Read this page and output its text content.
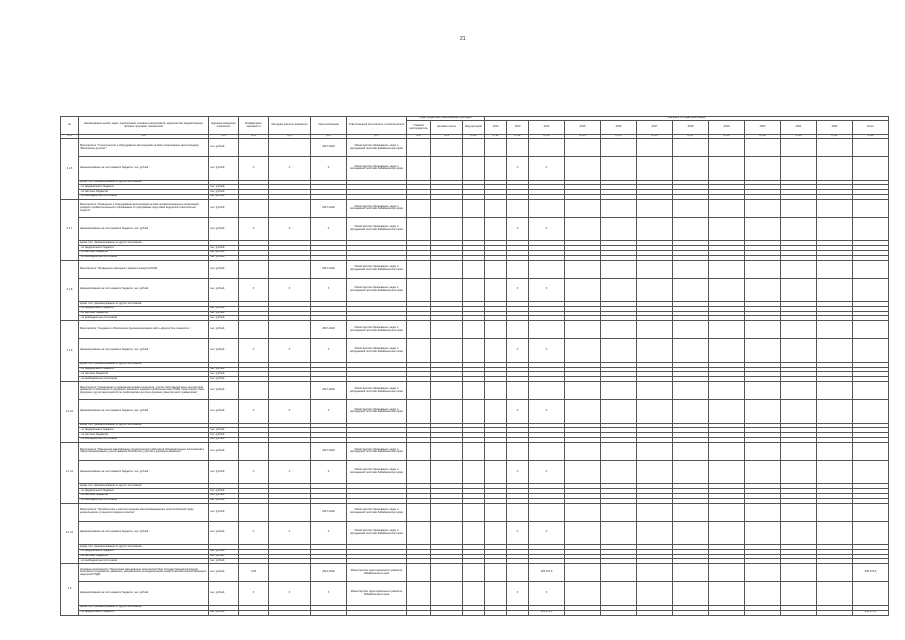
21
№	Наименование целей, задач, подпрограмм, основных мероприятий, мероприятий, ведомственных целевых программ, показателей	Единица измерения показателя	Коэффициент значимости	Методика расчета показателя	Срок реализации	Ответственный исполнитель и соисполнители	Коды бюджетной классификации расходов			Значения по годам реализации											
							Главный распорядитель	Целевая статья	Вид расходов	2012	2013	2014	2015	2016	2017	2018	2019	2020	2021	2022	Итого
гр.1	гр.2	гр.3	гр.4	гр.5	гр.6	гр.7	гр.8	гр.9	гр.10	гр.11	гр.12	гр.13	гр.14	гр.15	гр.16	гр.17	гр.18	гр.19	гр.20	гр.21	гр.22
2.1.6	Мероприятие "Строительство и оборудование автогородков на базе стационарных автоплощадок "Безопасное детство""	тыс. рублей			2017-2020	Министерство образования, науки и молодежной политики Забайкальского края															
	финансирование за счет краевого бюджета, тыс. рублей	тыс. рублей	Х	Х	Х	Министерство образования, науки и молодежной политики Забайкальского края					Х	Х									
	кроме того, финансирование из других источников:																				
	- из федерального бюджета	тыс. рублей																			
	- из местных бюджетов	тыс. рублей																			
	- из внебюджетных источников	тыс. рублей																			
2.1.7	Мероприятие "Оснащение и оборудование автогородков на базе профессиональных организаций среднего профессионального образования по программам подготовки водителей транспортных средств"	тыс. рублей			2017-2020	Министерство образования, науки и молодежной политики Забайкальского края															
	финансирование за счет краевого бюджета, тыс. рублей	тыс. рублей	Х	Х	Х	Министерство образования, науки и молодежной политики Забайкальского края					Х	Х									
	кроме того, финансирование из других источников:																				
	- из федерального бюджета	тыс. рублей																			
	- из местных бюджетов	тыс. рублей																			
	- из внебюджетных источников	тыс. рублей																			
2.1.8	Мероприятие "Проведение ежегодного краевого конкурса ЮИД"	тыс. рублей			2017-2020	Министерство образования, науки и молодежной политики Забайкальского края															
	финансирование за счет краевого бюджета, тыс. рублей	тыс. рублей	Х	Х	Х	Министерство образования, науки и молодежной политики Забайкальского края					Х	Х									
	кроме того, финансирование из других источников:																				
	- из федерального бюджета	тыс. рублей																			
	- из местных бюджетов	тыс. рублей																			
	- из внебюджетных источников	тыс. рублей																			
2.1.9	Мероприятие "Создание и обеспечение функционирования сайта «Дорога без опасности»"	тыс. рублей			2017-2020	Министерство образования, науки и молодежной политики Забайкальского края															
	финансирование за счет краевого бюджета, тыс. рублей	тыс. рублей	Х	Х	Х	Министерство образования, науки и молодежной политики Забайкальского края					Х	Х									
	кроме того, финансирование из других источников:																				
	- из федерального бюджета	тыс. рублей																			
	- из местных бюджетов	тыс. рублей																			
	- из внебюджетных источников	тыс. рублей																			
2.1.10	Мероприятие "Организация и проведение краевых конкурсов, слетов, фестивалей юных инспекторов движения по безопасности дорожного движения, краевых профильных смен ЮИД, тематических смен, форумов и других мероприятий по профилактике детского дорожно-транспортного травматизма"	тыс. рублей			2017-2020	Министерство образования, науки и молодежной политики Забайкальского края															
	финансирование за счет краевого бюджета, тыс. рублей	тыс. рублей	Х	Х	Х	Министерство образования, науки и молодежной политики Забайкальского края					Х	Х									
	кроме того, финансирование из других источников:																				
	- из федерального бюджета	тыс. рублей																			
	- из местных бюджетов	тыс. рублей																			
	- из внебюджетных источников	тыс. рублей																			
2.1.11	Мероприятие "Повышение квалификации педагогических работников образовательных организаций в сфере формирования у детей навыков безопасного участия в дорожном движении"	тыс. рублей			2017-2020	Министерство образования, науки и молодежной политики Забайкальского края															
	финансирование за счет краевого бюджета, тыс. рублей	тыс. рублей	Х	Х	Х	Министерство образования, науки и молодежной политики Забайкальского края					Х	Х									
	кроме того, финансирование из других источников:																				
	- из федерального бюджета	тыс. рублей																			
	- из местных бюджетов	тыс. рублей																			
	- из внебюджетных источников	тыс. рублей																			
2.1.12	Мероприятие "Приобретение и распространение световозвращающих приспособлений среди дошкольников и учащихся младших классов"	тыс. рублей			2017-2020	Министерство образования, науки и молодежной политики Забайкальского края															
	финансирование за счет краевого бюджета, тыс. рублей	тыс. рублей	Х	Х	Х	Министерство образования, науки и молодежной политики Забайкальского края					Х	Х									
	кроме того, финансирование из других источников:																				
	- из федерального бюджета	тыс. рублей																			
	- из местных бюджетов	тыс. рублей																			
	- из внебюджетных источников	тыс. рублей																			
2.2	Основное мероприятие "Укрепление материально-технической базы Государственной инспекции безопасности дорожного движения, направленное на модернизацию средств автоматической фиксации нарушений ПДД"	тыс. рублей	0,05		2014-2020	Министерство территориального развития Забайкальского края						209 470,0									209 470,0
	финансирование за счет краевого бюджета, тыс. рублей	тыс. рублей	Х	Х	Х	Министерство территориального развития Забайкальского края					Х	Х									
	кроме того, финансирование из других источников:																				
	- из федерального бюджета	тыс. рублей										209 470,0									209 470,0
